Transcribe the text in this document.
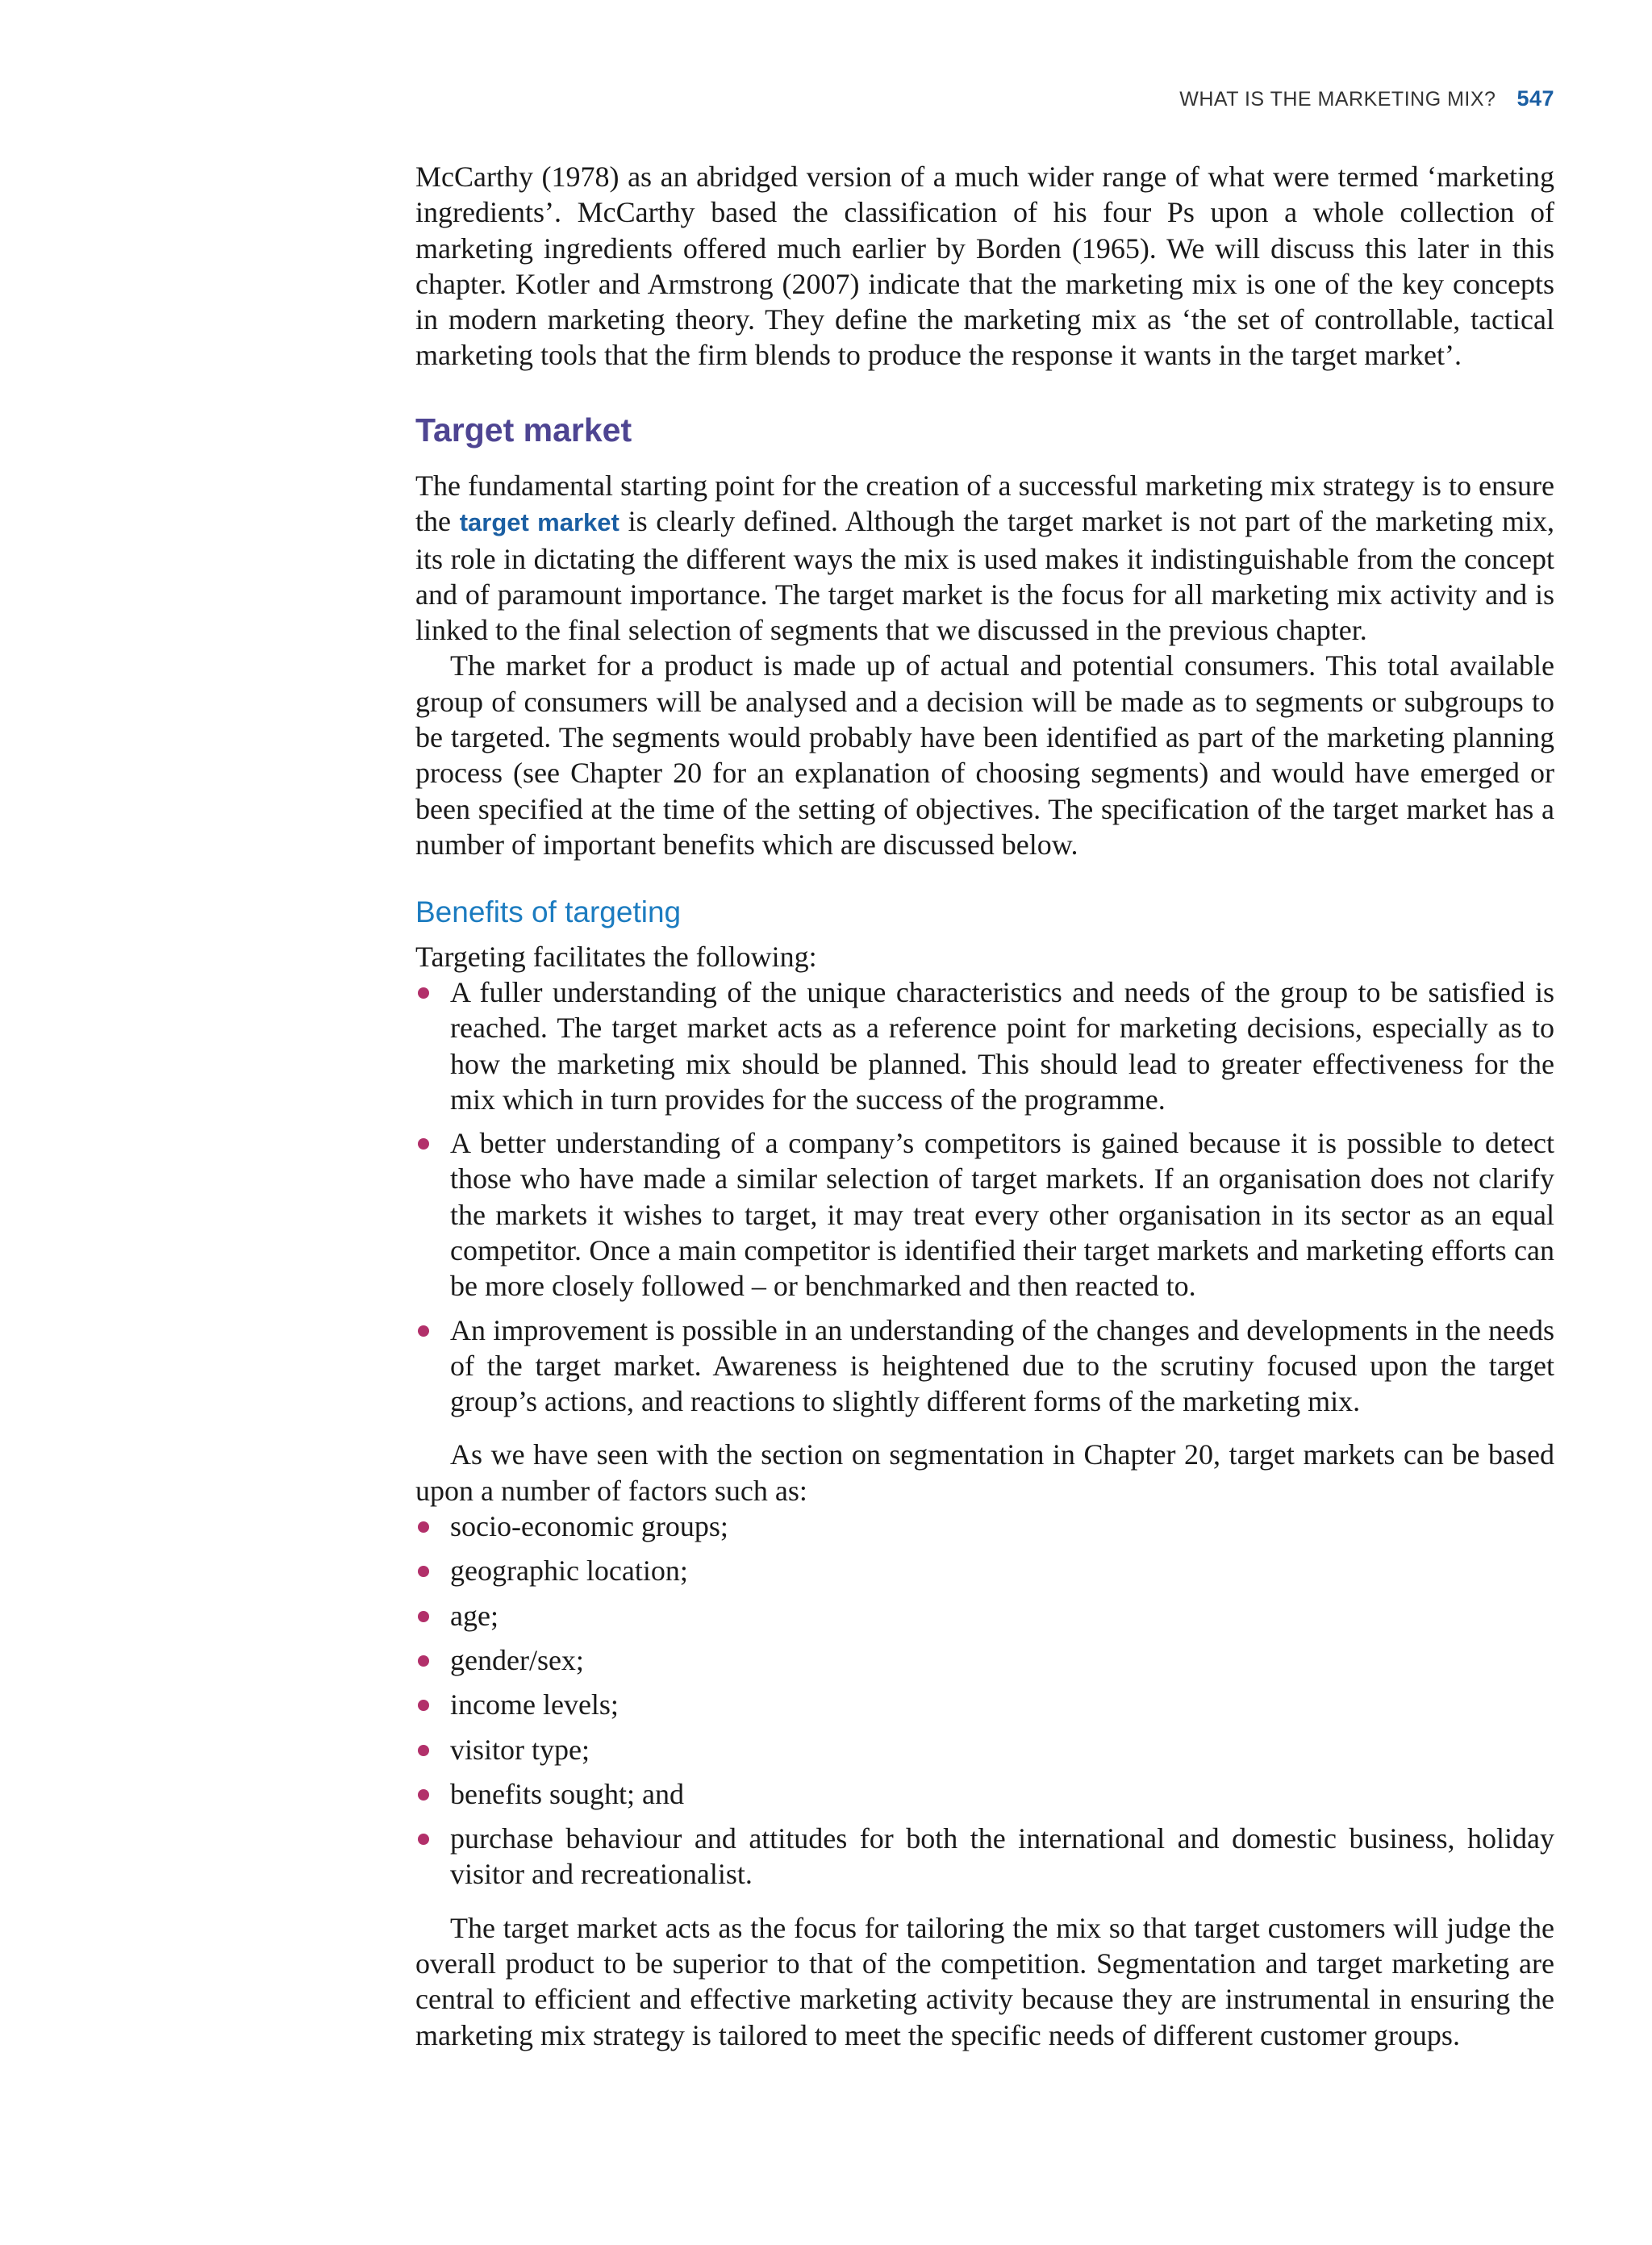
WHAT IS THE MARKETING MIX? 547

McCarthy (1978) as an abridged version of a much wider range of what were termed ‘marketing ingredients’. McCarthy based the classification of his four Ps upon a whole collection of marketing ingredients offered much earlier by Borden (1965). We will discuss this later in this chapter. Kotler and Armstrong (2007) indicate that the marketing mix is one of the key concepts in modern marketing theory. They define the marketing mix as ‘the set of controllable, tactical marketing tools that the firm blends to produce the response it wants in the target market’.

Target market

The fundamental starting point for the creation of a successful marketing mix strategy is to ensure the target market is clearly defined. Although the target market is not part of the marketing mix, its role in dictating the different ways the mix is used makes it indistinguishable from the concept and of paramount importance. The target market is the focus for all marketing mix activity and is linked to the final selection of segments that we discussed in the previous chapter.

The market for a product is made up of actual and potential consumers. This total available group of consumers will be analysed and a decision will be made as to segments or subgroups to be targeted. The segments would probably have been identified as part of the marketing planning process (see Chapter 20 for an explanation of choosing segments) and would have emerged or been specified at the time of the setting of objectives. The specification of the target market has a number of important benefits which are discussed below.

Benefits of targeting

Targeting facilitates the following:

A fuller understanding of the unique characteristics and needs of the group to be satisfied is reached. The target market acts as a reference point for marketing decisions, especially as to how the marketing mix should be planned. This should lead to greater effectiveness for the mix which in turn provides for the success of the programme.
A better understanding of a company’s competitors is gained because it is possible to detect those who have made a similar selection of target markets. If an organisation does not clarify the markets it wishes to target, it may treat every other organisation in its sector as an equal competitor. Once a main competitor is identified their target markets and marketing efforts can be more closely followed – or benchmarked and then reacted to.
An improvement is possible in an understanding of the changes and developments in the needs of the target market. Awareness is heightened due to the scrutiny focused upon the target group’s actions, and reactions to slightly different forms of the marketing mix.

As we have seen with the section on segmentation in Chapter 20, target markets can be based upon a number of factors such as:

socio-economic groups;
geographic location;
age;
gender/sex;
income levels;
visitor type;
benefits sought; and
purchase behaviour and attitudes for both the international and domestic business, holiday visitor and recreationalist.

The target market acts as the focus for tailoring the mix so that target customers will judge the overall product to be superior to that of the competition. Segmentation and target marketing are central to efficient and effective marketing activity because they are instrumental in ensuring the marketing mix strategy is tailored to meet the specific needs of different customer groups.
